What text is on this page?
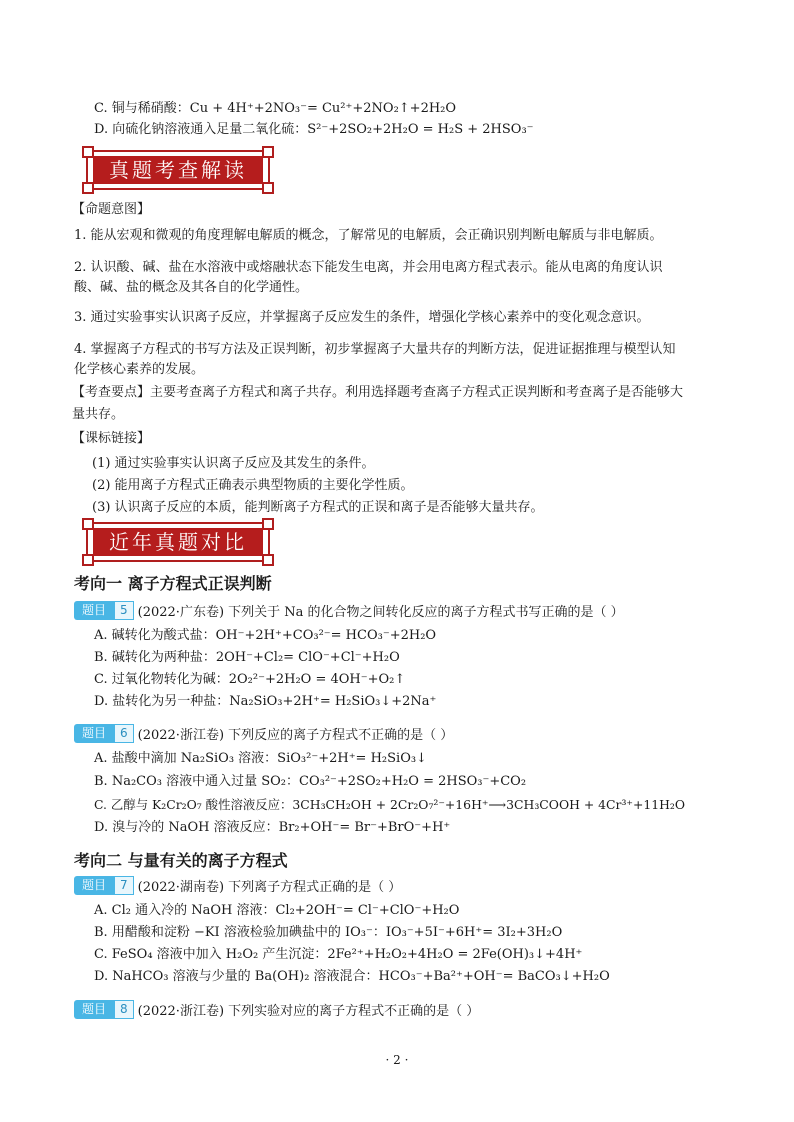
C. 铜与稀硝酸：Cu + 4H⁺+2NO₃⁻= Cu²⁺+2NO₂↑+2H₂O
D. 向硫化钠溶液通入足量二氧化硫：S²⁻+2SO₂+2H₂O = H₂S + 2HSO₃⁻
真题考查解读
【命题意图】
1. 能从宏观和微观的角度理解电解质的概念，了解常见的电解质，会正确识别判断电解质与非电解质。
2. 认识酸、碱、盐在水溶液中或熔融状态下能发生电离，并会用电离方程式表示。能从电离的角度认识
酸、碱、盐的概念及其各自的化学通性。
3. 通过实验事实认识离子反应，并掌握离子反应发生的条件，增强化学核心素养中的变化观念意识。
4. 掌握离子方程式的书写方法及正误判断，初步掌握离子大量共存的判断方法，促进证据推理与模型认知
化学核心素养的发展。
【考查要点】主要考查离子方程式和离子共存。利用选择题考查离子方程式正误判断和考查离子是否能够大
量共存。
【课标链接】
(1) 通过实验事实认识离子反应及其发生的条件。
(2) 能用离子方程式正确表示典型物质的主要化学性质。
(3) 认识离子反应的本质，能判断离子方程式的正误和离子是否能够大量共存。
近年真题对比
考向一 离子方程式正误判断
题目	5 (2022·广东卷) 下列关于 Na 的化合物之间转化反应的离子方程式书写正确的是（ ）
A. 碱转化为酸式盐：OH⁻+2H⁺+CO₃²⁻= HCO₃⁻+2H₂O
B. 碱转化为两种盐：2OH⁻+Cl₂= ClO⁻+Cl⁻+H₂O
C. 过氧化物转化为碱：2O₂²⁻+2H₂O = 4OH⁻+O₂↑
D. 盐转化为另一种盐：Na₂SiO₃+2H⁺= H₂SiO₃↓+2Na⁺
题目	6 (2022·浙江卷) 下列反应的离子方程式不正确的是（ ）
A. 盐酸中滴加 Na₂SiO₃ 溶液：SiO₃²⁻+2H⁺= H₂SiO₃↓
B. Na₂CO₃ 溶液中通入过量 SO₂：CO₃²⁻+2SO₂+H₂O = 2HSO₃⁻+CO₂
C. 乙醇与 K₂Cr₂O₇ 酸性溶液反应：3CH₃CH₂OH + 2Cr₂O₇²⁻+16H⁺⟶3CH₃COOH + 4Cr³⁺+11H₂O
D. 溴与冷的 NaOH 溶液反应：Br₂+OH⁻= Br⁻+BrO⁻+H⁺
考向二 与量有关的离子方程式
题目	7 (2022·湖南卷) 下列离子方程式正确的是（ ）
A. Cl₂ 通入冷的 NaOH 溶液：Cl₂+2OH⁻= Cl⁻+ClO⁻+H₂O
B. 用醋酸和淀粉 −KI 溶液检验加碘盐中的 IO₃⁻：IO₃⁻+5I⁻+6H⁺= 3I₂+3H₂O
C. FeSO₄ 溶液中加入 H₂O₂ 产生沉淀：2Fe²⁺+H₂O₂+4H₂O = 2Fe(OH)₃↓+4H⁺
D. NaHCO₃ 溶液与少量的 Ba(OH)₂ 溶液混合：HCO₃⁻+Ba²⁺+OH⁻= BaCO₃↓+H₂O
题目	8 (2022·浙江卷) 下列实验对应的离子方程式不正确的是（ ）
· 2 ·
